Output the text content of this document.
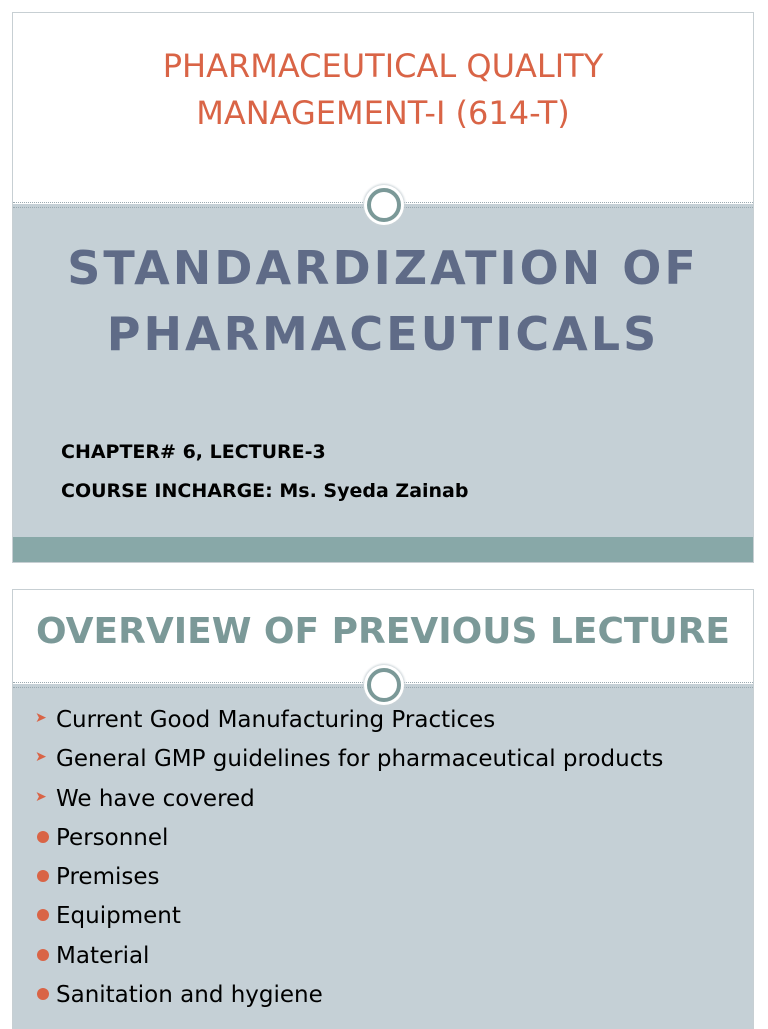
PHARMACEUTICAL QUALITY
MANAGEMENT-I (614-T)
STANDARDIZATION OF
PHARMACEUTICALS
CHAPTER# 6, LECTURE-3
COURSE INCHARGE: Ms. Syeda Zainab
OVERVIEW OF PREVIOUS LECTURE
➤ Current Good Manufacturing Practices
➤ General GMP guidelines for pharmaceutical products
➤ We have covered
Personnel
Premises
Equipment
Material
Sanitation and hygiene
